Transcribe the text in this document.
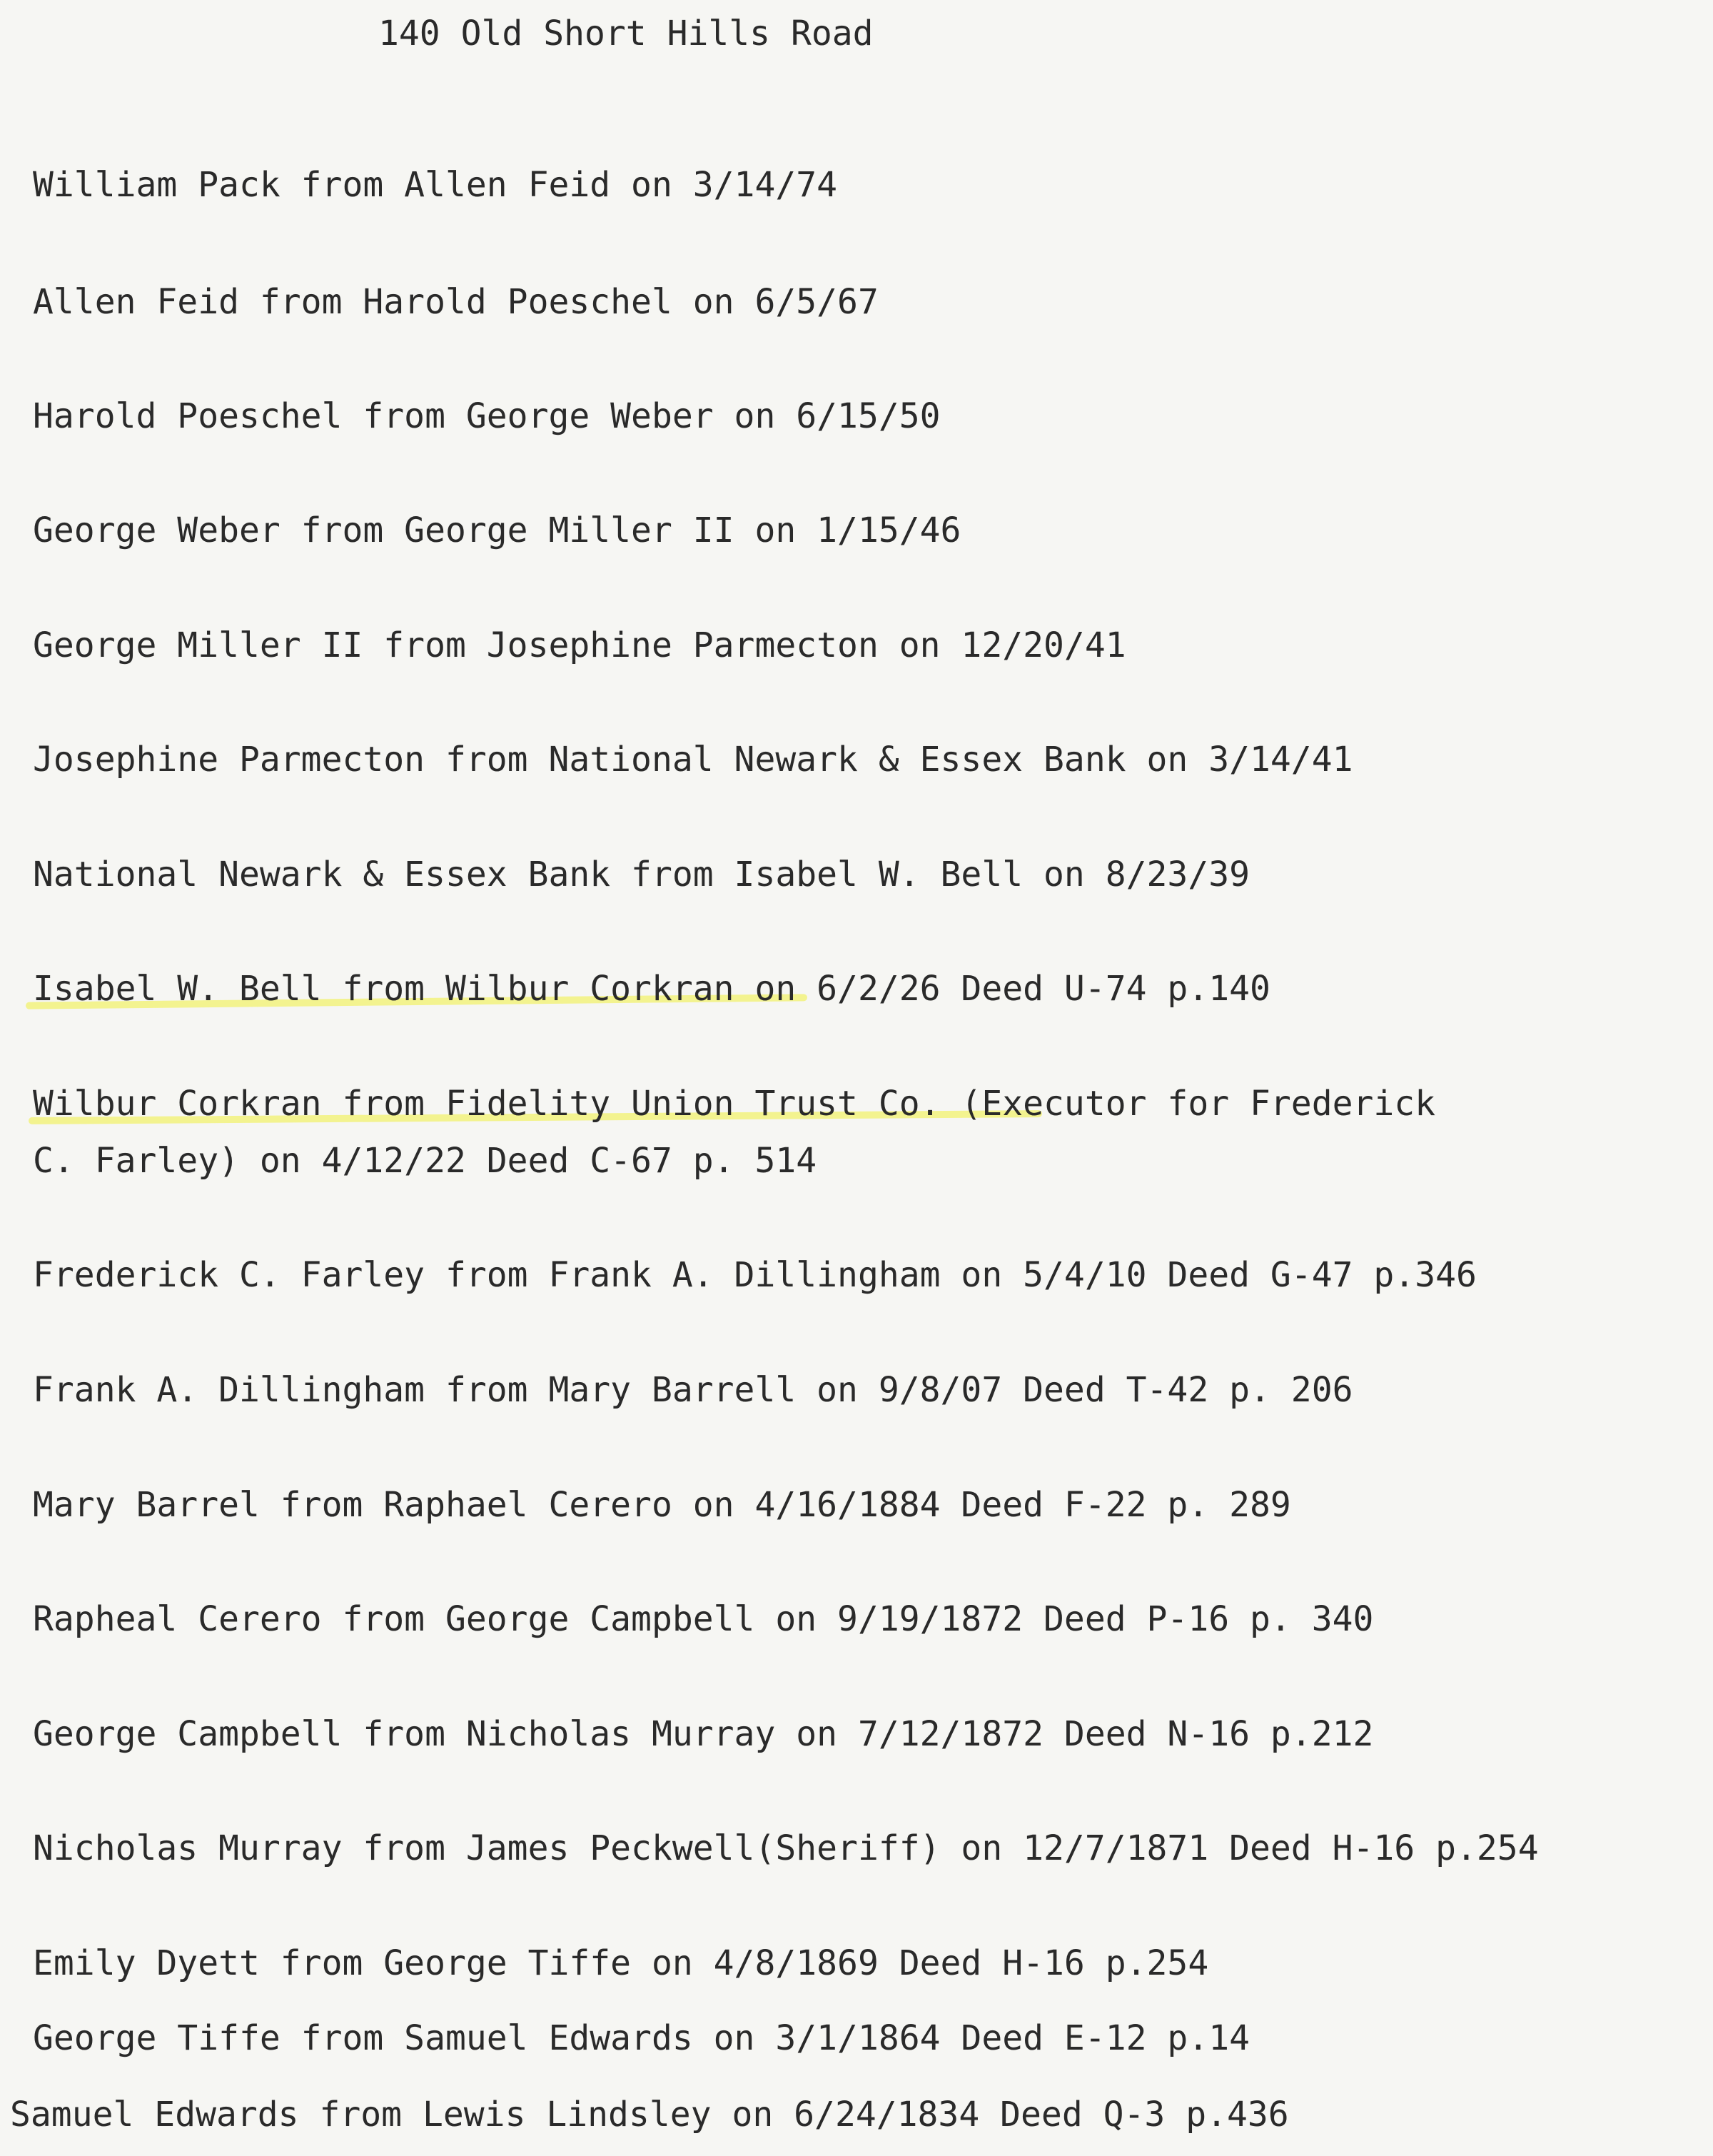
140 Old Short Hills Road

William Pack from Allen Feid on 3/14/74
Allen Feid from Harold Poeschel on 6/5/67
Harold Poeschel from George Weber on 6/15/50
George Weber from George Miller II on 1/15/46
George Miller II from Josephine Parmecton on 12/20/41
Josephine Parmecton from National Newark & Essex Bank on 3/14/41
National Newark & Essex Bank from Isabel W. Bell on 8/23/39
Isabel W. Bell from Wilbur Corkran on 6/2/26 Deed U-74 p.140
Wilbur Corkran from Fidelity Union Trust Co. (Executor for Frederick
C. Farley) on 4/12/22 Deed C-67 p. 514
Frederick C. Farley from Frank A. Dillingham on 5/4/10 Deed G-47 p.346
Frank A. Dillingham from Mary Barrell on 9/8/07 Deed T-42 p. 206
Mary Barrel from Raphael Cerero on 4/16/1884 Deed F-22 p. 289
Rapheal Cerero from George Campbell on 9/19/1872 Deed P-16 p. 340
George Campbell from Nicholas Murray on 7/12/1872 Deed N-16 p.212
Nicholas Murray from James Peckwell(Sheriff) on 12/7/1871 Deed H-16 p.254
Emily Dyett from George Tiffe on 4/8/1869 Deed H-16 p.254
George Tiffe from Samuel Edwards on 3/1/1864 Deed E-12 p.14
Samuel Edwards from Lewis Lindsley on 6/24/1834 Deed Q-3 p.436
